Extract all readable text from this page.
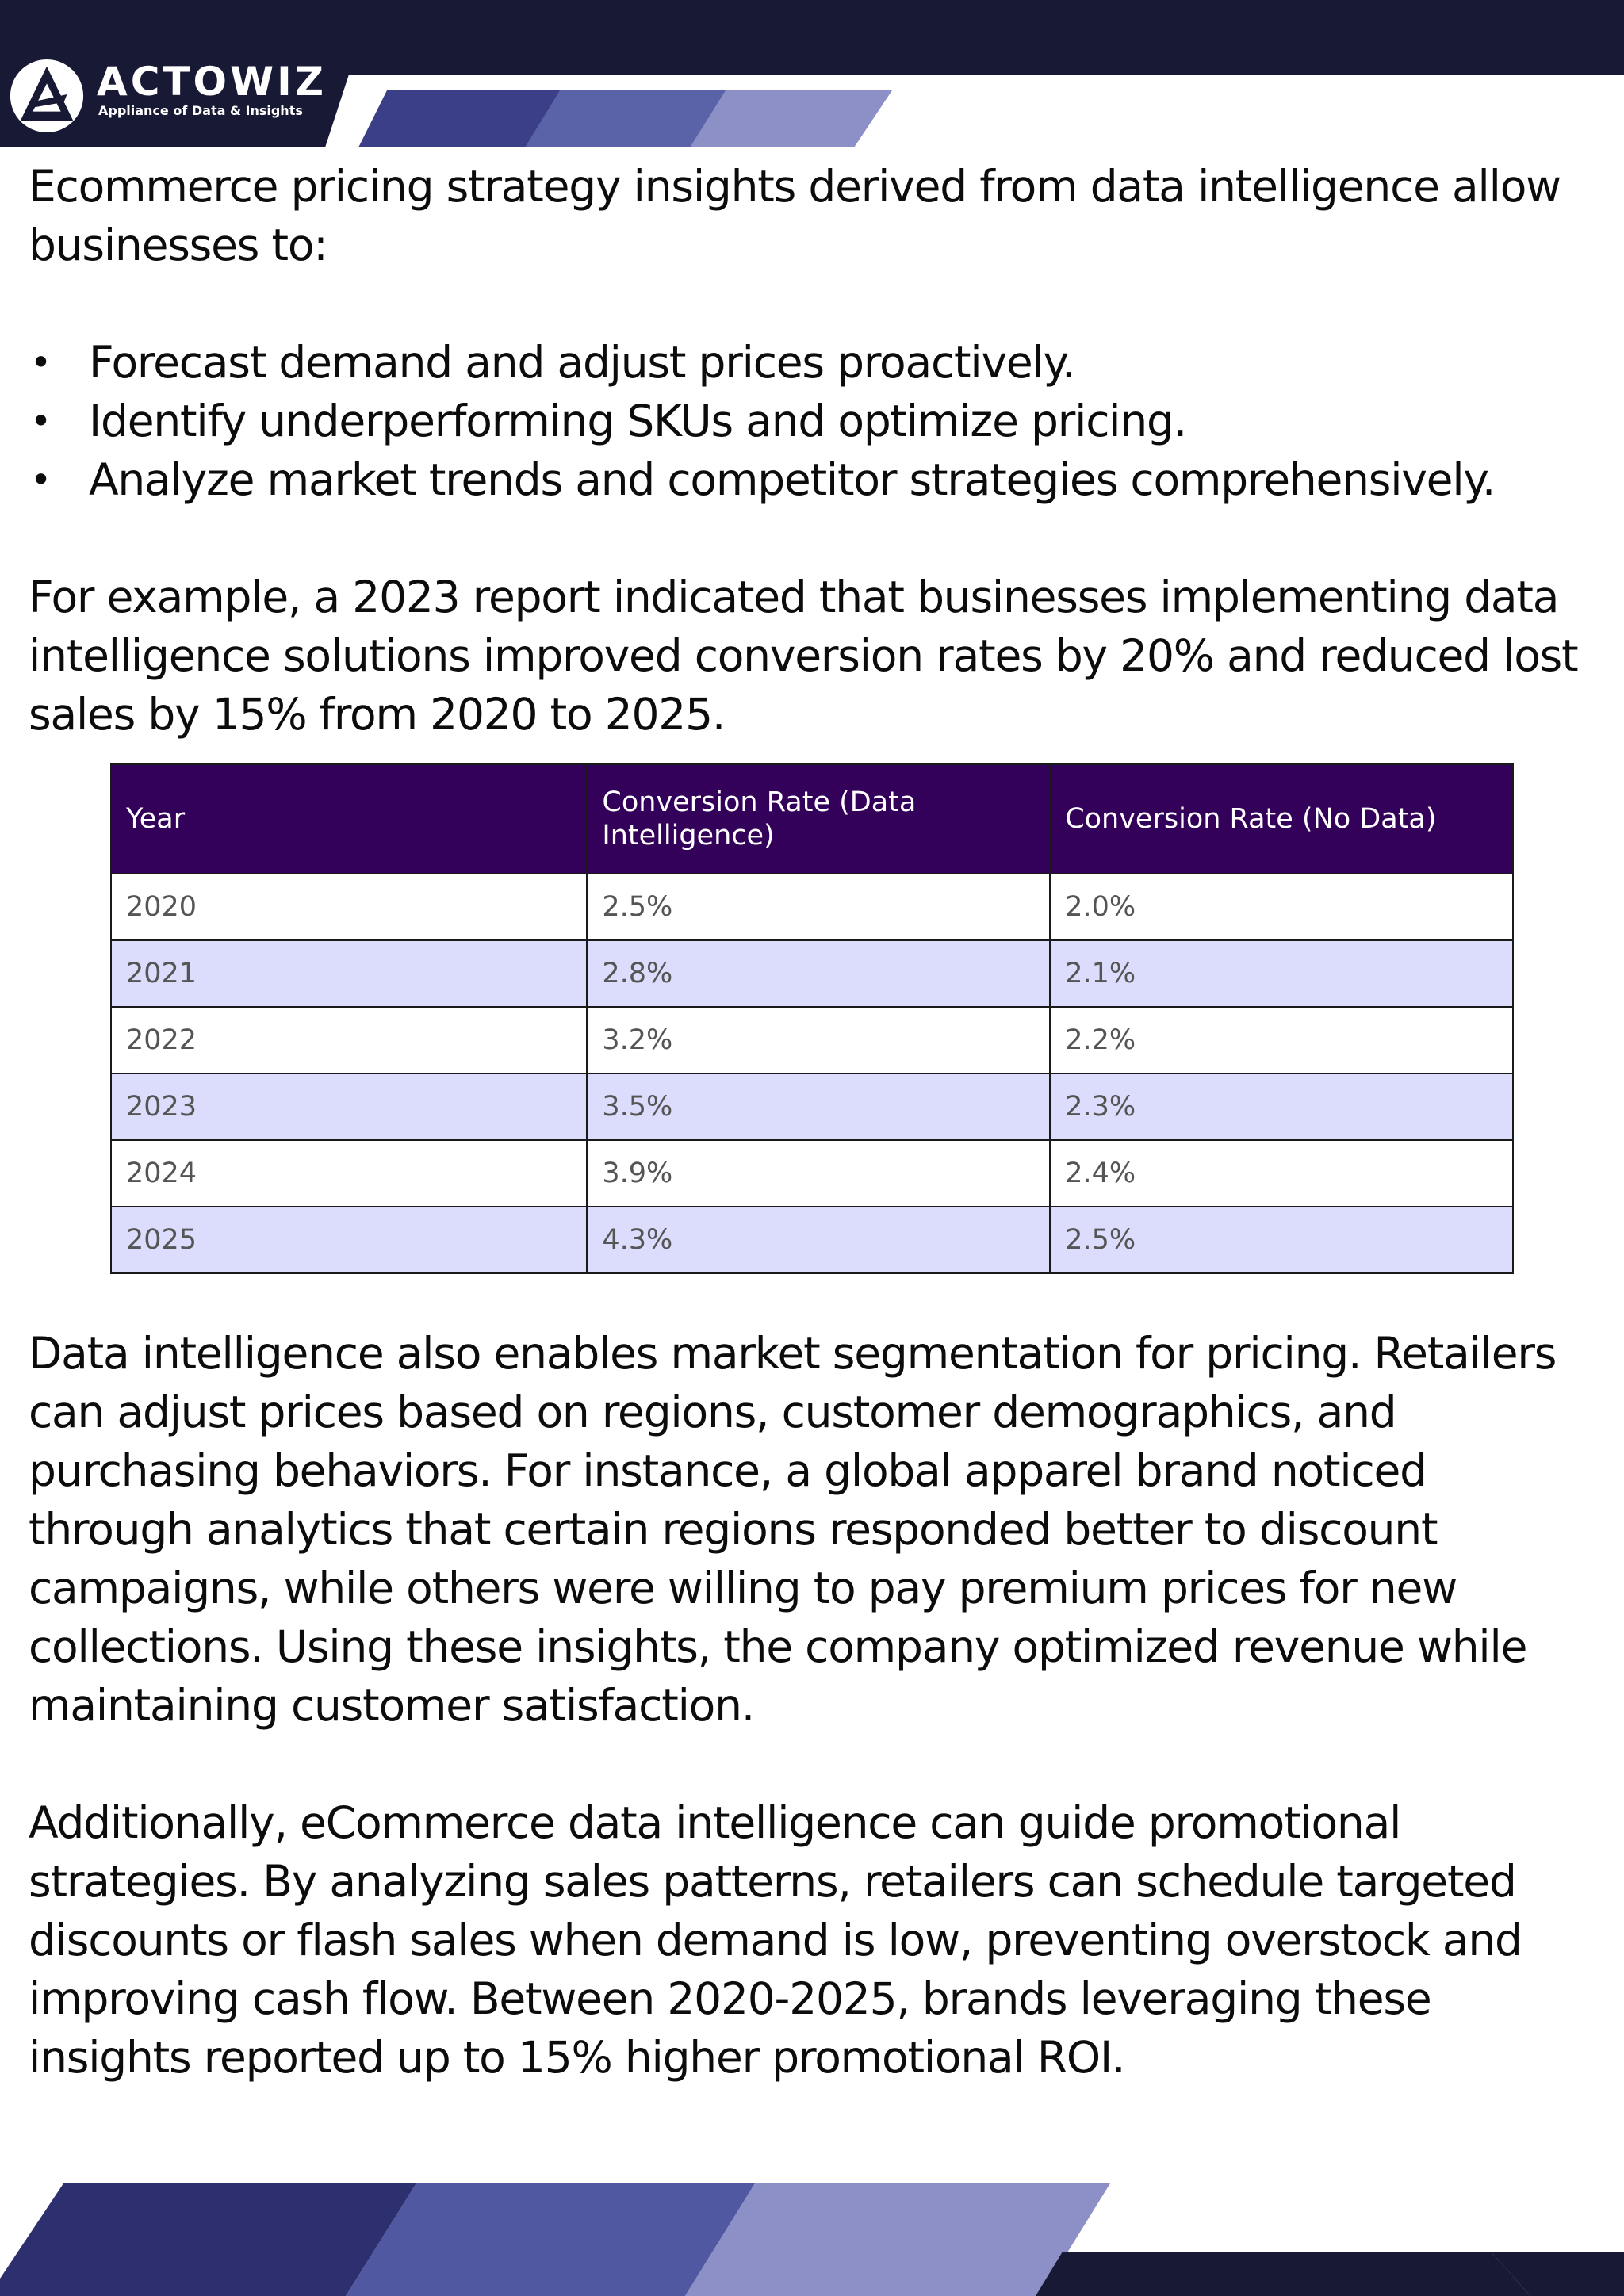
ACTOWIZ
Appliance of Data & Insights

Ecommerce pricing strategy insights derived from data intelligence allow businesses to:

• Forecast demand and adjust prices proactively.
• Identify underperforming SKUs and optimize pricing.
• Analyze market trends and competitor strategies comprehensively.

For example, a 2023 report indicated that businesses implementing data intelligence solutions improved conversion rates by 20% and reduced lost sales by 15% from 2020 to 2025.

Year	Conversion Rate (Data Intelligence)	Conversion Rate (No Data)
2020	2.5%	2.0%
2021	2.8%	2.1%
2022	3.2%	2.2%
2023	3.5%	2.3%
2024	3.9%	2.4%
2025	4.3%	2.5%

Data intelligence also enables market segmentation for pricing. Retailers can adjust prices based on regions, customer demographics, and purchasing behaviors. For instance, a global apparel brand noticed through analytics that certain regions responded better to discount campaigns, while others were willing to pay premium prices for new collections. Using these insights, the company optimized revenue while maintaining customer satisfaction.

Additionally, eCommerce data intelligence can guide promotional strategies. By analyzing sales patterns, retailers can schedule targeted discounts or flash sales when demand is low, preventing overstock and improving cash flow. Between 2020-2025, brands leveraging these insights reported up to 15% higher promotional ROI.
